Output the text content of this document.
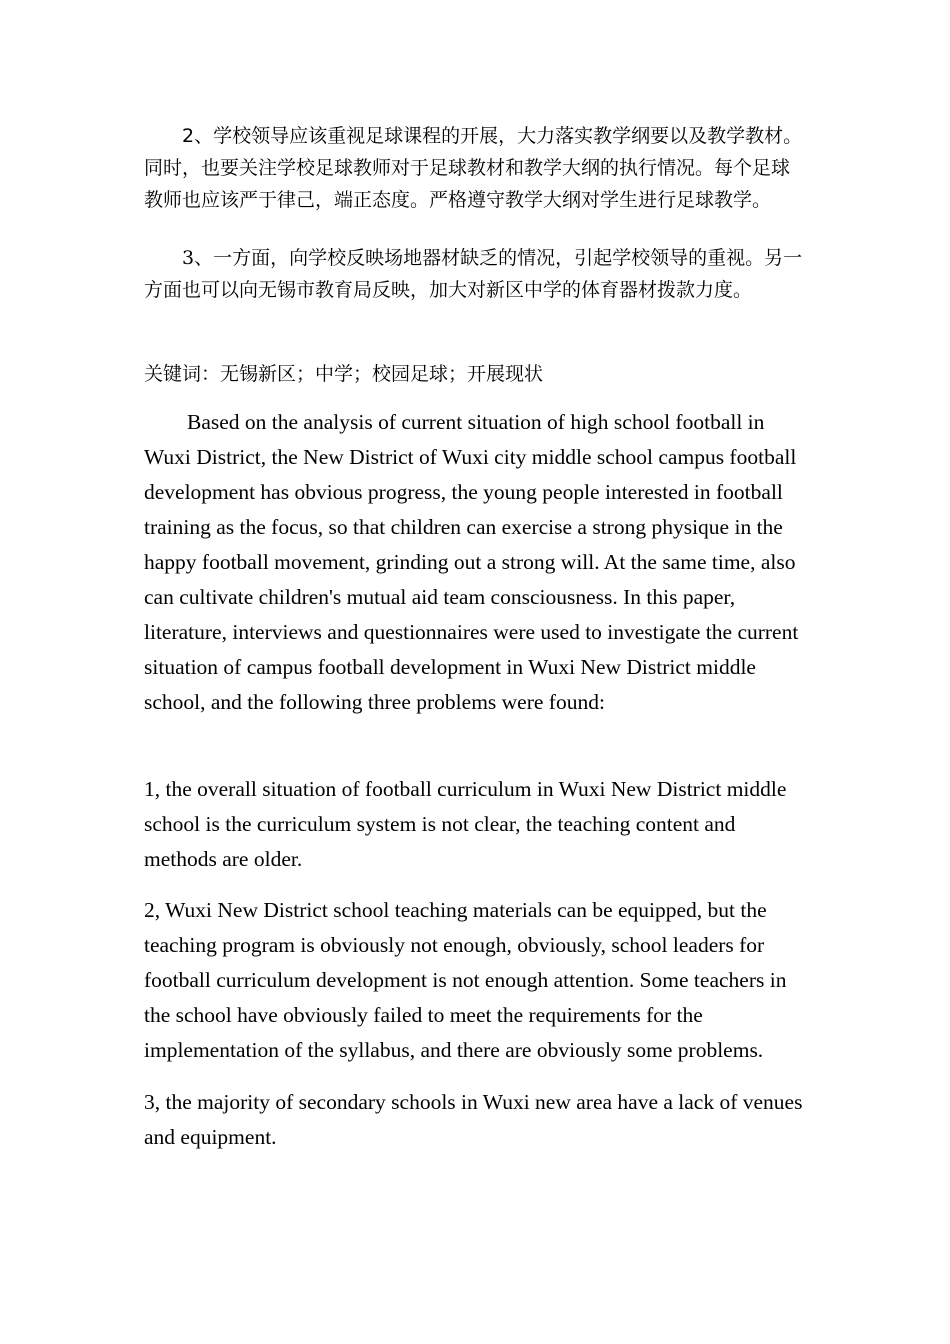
2、学校领导应该重视足球课程的开展，大力落实教学纲要以及教学教材。同时，也要关注学校足球教师对于足球教材和教学大纲的执行情况。每个足球教师也应该严于律己，端正态度。严格遵守教学大纲对学生进行足球教学。

3、一方面，向学校反映场地器材缺乏的情况，引起学校领导的重视。另一方面也可以向无锡市教育局反映，加大对新区中学的体育器材拨款力度。

关键词：无锡新区；中学；校园足球；开展现状

Based on the analysis of current situation of high school football in Wuxi District, the New District of Wuxi city middle school campus football development has obvious progress, the young people interested in football training as the focus, so that children can exercise a strong physique in the happy football movement, grinding out a strong will. At the same time, also can cultivate children's mutual aid team consciousness. In this paper, literature, interviews and questionnaires were used to investigate the current situation of campus football development in Wuxi New District middle school, and the following three problems were found:

1, the overall situation of football curriculum in Wuxi New District middle school is the curriculum system is not clear, the teaching content and methods are older.

2, Wuxi New District school teaching materials can be equipped, but the teaching program is obviously not enough, obviously, school leaders for football curriculum development is not enough attention. Some teachers in the school have obviously failed to meet the requirements for the implementation of the syllabus, and there are obviously some problems.

3, the majority of secondary schools in Wuxi new area have a lack of venues and equipment.
